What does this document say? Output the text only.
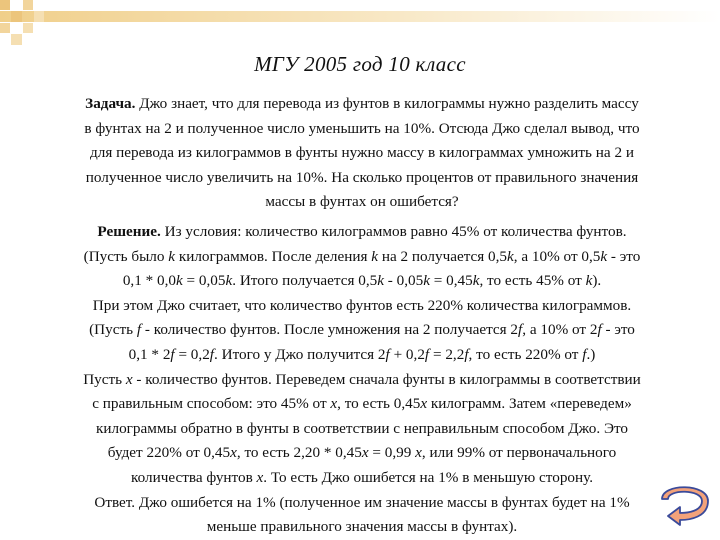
МГУ 2005 год 10 класс
Задача. Джо знает, что для перевода из фунтов в килограммы нужно разделить массу
в фунтах на 2 и полученное число уменьшить на 10%. Отсюда Джо сделал вывод, что
для перевода из килограммов в фунты нужно массу в килограммах умножить на 2 и
полученное число увеличить на 10%. На сколько процентов от правильного значения
массы в фунтах он ошибется?
Решение. Из условия: количество килограммов равно 45% от количества фунтов.
(Пусть было k килограммов. После деления k на 2 получается 0,5k, а 10% от 0,5k - это
0,1 * 0,0k = 0,05k. Итого получается 0,5k - 0,05k = 0,45k, то есть 45% от k).
При этом Джо считает, что количество фунтов есть 220% количества килограммов.
(Пусть f - количество фунтов. После умножения на 2 получается 2f, а 10% от 2f - это
0,1 * 2f = 0,2f. Итого у Джо получится 2f + 0,2f = 2,2f, то есть 220% от f.)
Пусть x - количество фунтов. Переведем сначала фунты в килограммы в соответствии
с правильным способом: это 45% от x, то есть 0,45x килограмм. Затем «переведем»
килограммы обратно в фунты в соответствии с неправильным способом Джо. Это
будет 220% от 0,45x, то есть 2,20 * 0,45x = 0,99 x, или 99% от первоначального
количества фунтов x. То есть Джо ошибется на 1% в меньшую сторону.
Ответ. Джо ошибется на 1% (полученное им значение массы в фунтах будет на 1%
меньше правильного значения массы в фунтах).
